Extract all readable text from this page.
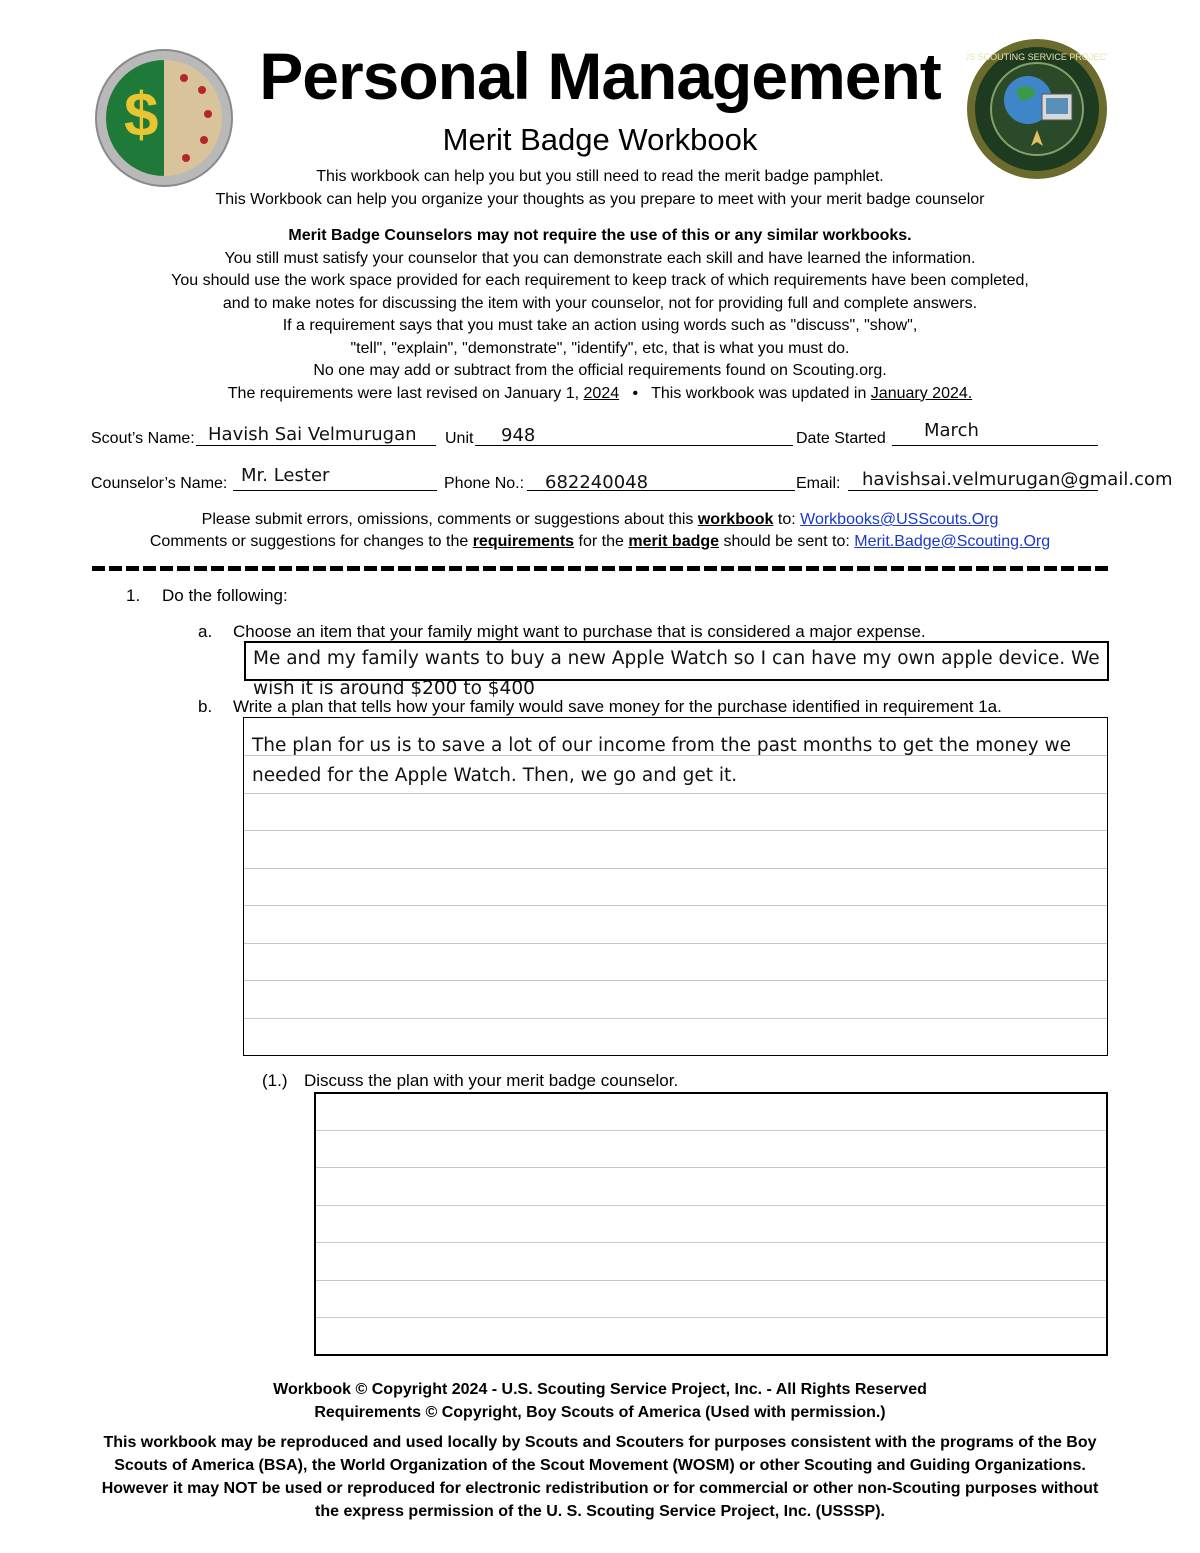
$
US SCOUTING SERVICE PROJECT
Personal Management
Merit Badge Workbook
This workbook can help you but you still need to read the merit badge pamphlet.
This Workbook can help you organize your thoughts as you prepare to meet with your merit badge counselor
Merit Badge Counselors may not require the use of this or any similar workbooks.
You still must satisfy your counselor that you can demonstrate each skill and have learned the information.
You should use the work space provided for each requirement to keep track of which requirements have been completed,
and to make notes for discussing the item with your counselor, not for providing full and complete answers.
If a requirement says that you must take an action using words such as "discuss", "show",
"tell", "explain", "demonstrate", "identify", etc, that is what you must do.
No one may add or subtract from the official requirements found on Scouting.org.
The requirements were last revised on January 1, 2024 • This workbook was updated in January 2024.
Scout’s Name: Havish Sai Velmurugan Unit 948	Date Started March
Counselor’s Name: Mr. Lester	Phone No.: 682240048	Email: havishsai.velmurugan@gmail.com
Please submit errors, omissions, comments or suggestions about this workbook to: Workbooks@USScouts.Org
Comments or suggestions for changes to the requirements for the merit badge should be sent to: Merit.Badge@Scouting.Org
1. Do the following:
a. Choose an item that your family might want to purchase that is considered a major expense.
Me and my family wants to buy a new Apple Watch so I can have my own apple device. We wish it is around $200 to $400
b. Write a plan that tells how your family would save money for the purchase identified in requirement 1a.
The plan for us is to save a lot of our income from the past months to get the money we needed for the Apple Watch. Then, we go and get it.
(1.) Discuss the plan with your merit badge counselor.
Workbook © Copyright 2024 - U.S. Scouting Service Project, Inc. - All Rights Reserved
Requirements © Copyright, Boy Scouts of America (Used with permission.)
This workbook may be reproduced and used locally by Scouts and Scouters for purposes consistent with the programs of the Boy Scouts of America (BSA), the World Organization of the Scout Movement (WOSM) or other Scouting and Guiding Organizations. However it may NOT be used or reproduced for electronic redistribution or for commercial or other non-Scouting purposes without the express permission of the U. S. Scouting Service Project, Inc. (USSSP).
